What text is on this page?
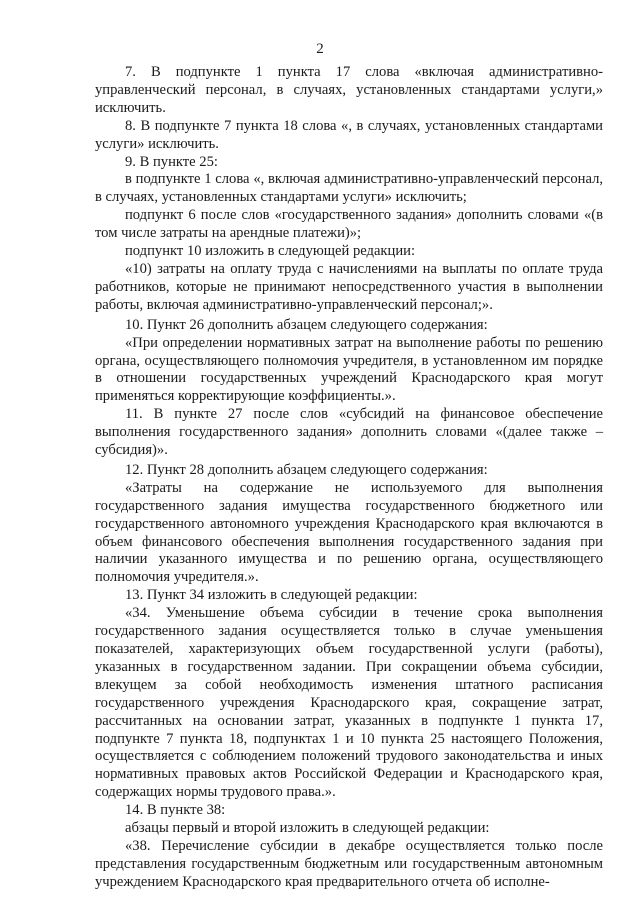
2

7. В подпункте 1 пункта 17 слова «включая административно-управленческий персонал, в случаях, установленных стандартами услуги,» исключить.

8. В подпункте 7 пункта 18 слова «, в случаях, установленных стандартами услуги» исключить.

9. В пункте 25:

в подпункте 1 слова «, включая административно-управленческий персонал, в случаях, установленных стандартами услуги» исключить;

подпункт 6 после слов «государственного задания» дополнить словами «(в том числе затраты на арендные платежи)»;

подпункт 10 изложить в следующей редакции:

«10) затраты на оплату труда с начислениями на выплаты по оплате труда работников, которые не принимают непосредственного участия в выполнении работы, включая административно-управленческий персонал;».

10. Пункт 26 дополнить абзацем следующего содержания:

«При определении нормативных затрат на выполнение работы по решению органа, осуществляющего полномочия учредителя, в установленном им порядке в отношении государственных учреждений Краснодарского края могут применяться корректирующие коэффициенты.».

11. В пункте 27 после слов «субсидий на финансовое обеспечение выполнения государственного задания» дополнить словами «(далее также – субсидия)».

12. Пункт 28 дополнить абзацем следующего содержания:

«Затраты на содержание не используемого для выполнения государственного задания имущества государственного бюджетного или государственного автономного учреждения Краснодарского края включаются в объем финансового обеспечения выполнения государственного задания при наличии указанного имущества и по решению органа, осуществляющего полномочия учредителя.».

13. Пункт 34 изложить в следующей редакции:

«34. Уменьшение объема субсидии в течение срока выполнения государственного задания осуществляется только в случае уменьшения показателей, характеризующих объем государственной услуги (работы), указанных в государственном задании. При сокращении объема субсидии, влекущем за собой необходимость изменения штатного расписания государственного учреждения Краснодарского края, сокращение затрат, рассчитанных на основании затрат, указанных в подпункте 1 пункта 17, подпункте 7 пункта 18, подпунктах 1 и 10 пункта 25 настоящего Положения, осуществляется с соблюдением положений трудового законодательства и иных нормативных правовых актов Российской Федерации и Краснодарского края, содержащих нормы трудового права.».

14. В пункте 38:

абзацы первый и второй изложить в следующей редакции:

«38. Перечисление субсидии в декабре осуществляется только после представления государственным бюджетным или государственным автономным учреждением Краснодарского края предварительного отчета об исполне-
